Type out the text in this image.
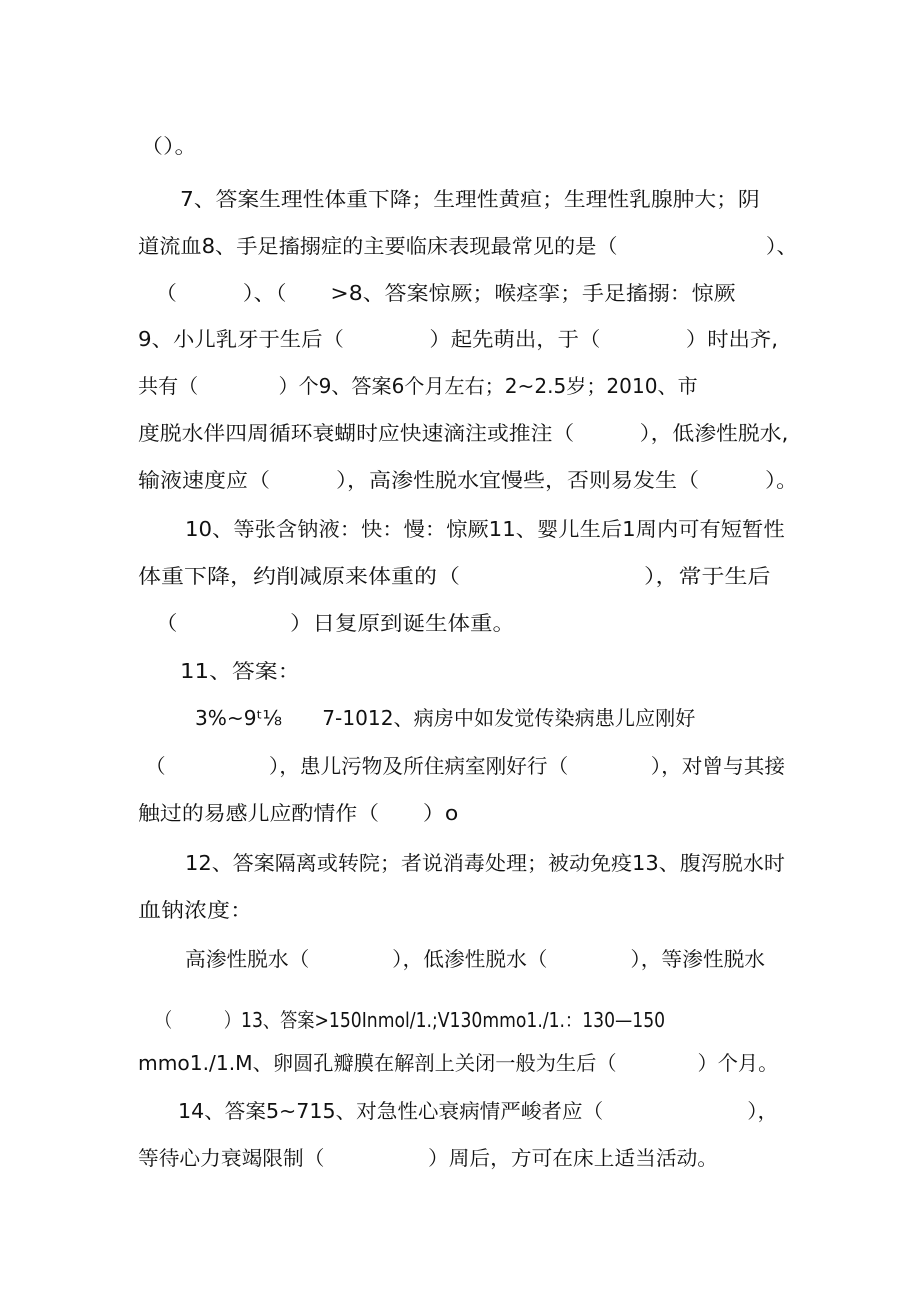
（）。
7、答案生理性体重下降；生理性黄疸；生理性乳腺肿大；阴
道流血8、手足搐搦症的主要临床表现最常见的是（　　　　　　　）、
（　　　）、（　　>8、答案惊厥；喉痉挛；手足搐搦：惊厥
9、小儿乳牙于生后（　　　　）起先萌出，于（　　　　）时出齐,
共有（　　　　）个9、答案6个月左右；2~2.5岁；2010、市
度脱水伴四周循环衰蝴时应快速滴注或推注（　　　），低渗性脱水,
输液速度应（　　　），高渗性脱水宜慢些，否则易发生（　　　）。
10、等张含钠液：快：慢：惊厥11、婴儿生后1周内可有短暂性
体重下降，约削减原来体重的（　　　　　　　　），常于生后
（　　　　　）日复原到诞生体重。
11、答案：
3%~9ᵗ⅛　　7-1012、病房中如发觉传染病患儿应刚好
（　　　　　），患儿污物及所住病室刚好行（　　　　），对曾与其接
触过的易感儿应酌情作（　　）o
12、答案隔离或转院；者说消毒处理；被动免疫13、腹泻脱水时
血钠浓度：
高渗性脱水（　　　　），低渗性脱水（　　　　），等渗性脱水
（　　　）13、答案>150Inmol/1.;V130mmo1./1.：130—150
mmo1./1.M、卵圆孔瓣膜在解剖上关闭一般为生后（　　　　）个月。
14、答案5~715、对急性心衰病情严峻者应（　　　　　　　），
等待心力衰竭限制（　　　　　）周后，方可在床上适当活动。
